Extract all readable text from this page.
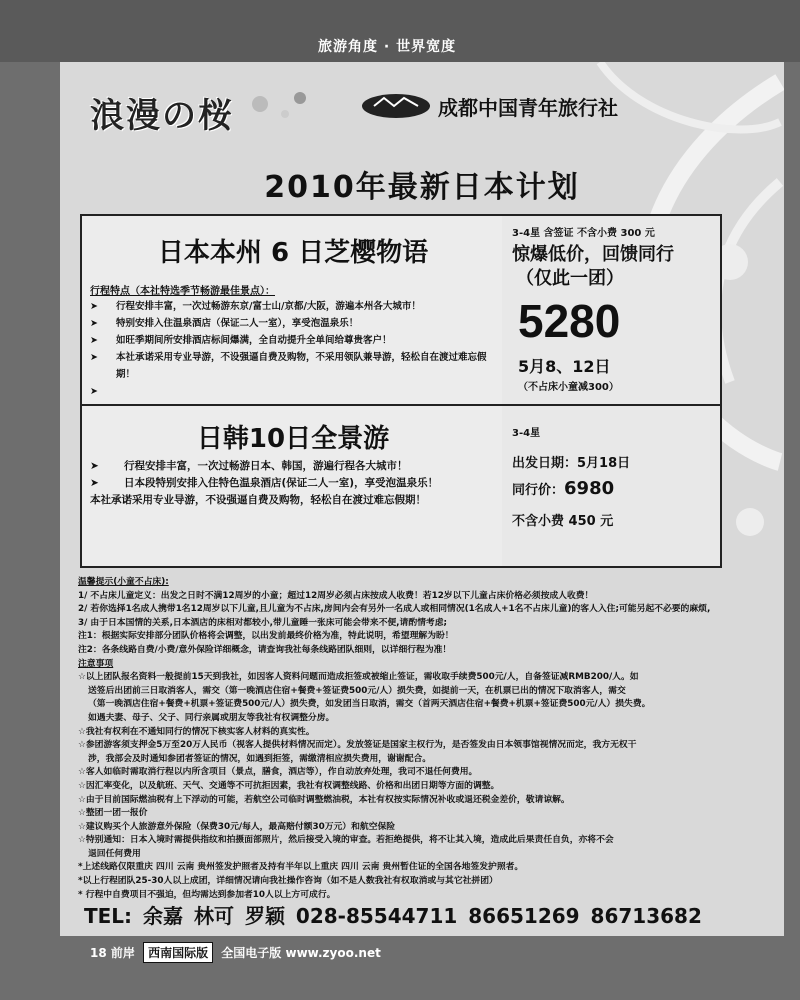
旅游角度 · 世界宽度
浪漫の桜	成都中国青年旅行社
2010年最新日本计划
日本本州 6 日芝樱物语
行程特点（本社特选季节畅游最佳景点）：
➤ 行程安排丰富，一次过畅游东京/富士山/京都/大阪，游遍本州各大城市！
➤ 特别安排入住温泉酒店（保证二人一室），享受泡温泉乐！
➤ 如旺季期间所安排酒店标间爆满，全自动提升全单间给尊贵客户！
➤ 本社承诺采用专业导游，不设强逼自费及购物，不采用领队兼导游，轻松自在渡过难忘假期！
➤
3-4星 含签证 不含小费 300 元
惊爆低价，回馈同行
（仅此一团）
5280
5月8、12日
（不占床小童减300）
日韩10日全景游
➤ 行程安排丰富，一次过畅游日本、韩国，游遍行程各大城市！
➤ 日本段特别安排入住特色温泉酒店(保证二人一室)，享受泡温泉乐！
本社承诺采用专业导游，不设强逼自费及购物，轻松自在渡过难忘假期！
3-4星
出发日期：5月18日
同行价：6980
不含小费 450 元
温馨提示(小童不占床):
1/ 不占床儿童定义：出发之日时不满12周岁的小童；超过12周岁必须占床按成人收费！若12岁以下儿童占床价格必须按成人收费！
2/ 若你选择1名成人携带1名12周岁以下儿童,且儿童为不占床,房间内会有另外一名成人或相同情况(1名成人+1名不占床儿童)的客人入住;可能另起不必要的麻烦,
3/ 由于日本国情的关系,日本酒店的床相对都较小,带儿童睡一张床可能会带来不便,请酌情考虑;
注1：根据实际安排部分团队价格将会调整，以出发前最终价格为准，特此说明，希望理解为盼！
注2：各条线路自费/小费/意外保险详细概念，请查询我社每条线路团队细则，以详细行程为准！
注意事项
☆以上团队报名资料一般提前15天到我社，如因客人资料问题而造成拒签或被缩止签证，需收取手续费500元/人，自备签证减RMB200/人。如
送签后出团前三日取消客人，需交（第一晚酒店住宿+餐费+签证费500元/人）损失费，如提前一天，在机票已出的情况下取消客人，需交
（第一晚酒店住宿+餐费+机票+签证费500元/人）损失费，如发团当日取消，需交（首两天酒店住宿+餐费+机票+签证费500元/人）损失费。
如遇夫妻、母子、父子、同行亲属或朋友等我社有权调整分房。
☆我社有权利在不通知同行的情况下核实客人材料的真实性。
☆参团游客须支押金5万至20万人民币（视客人提供材料情况而定）。发放签证是国家主权行为，是否签发由日本领事馆视情况而定，我方无权干
涉，我部会及时通知参团者签证的情况，如遇到拒签，需缴清相应损失费用，谢谢配合。
☆客人如临时需取消行程以内所含项目（景点，膳食，酒店等），作自动放弃处理，我司不退任何费用。
☆因汇率变化，以及航班、天气、交通等不可抗拒因素，我社有权调整线路、价格和出团日期等方面的调整。
☆由于目前国际燃油税有上下浮动的可能，若航空公司临时调整燃油税，本社有权按实际情况补收或退还税金差价，敬请谅解。
☆整团一团一报价
☆建议购买个人旅游意外保险（保费30元/每人，最高赔付额30万元）和航空保险
☆特别通知：日本入境时需提供指纹和拍摄面部照片，然后接受入境的审查。若拒绝提供，将不让其入境，造成此后果责任自负，亦将不会
退回任何费用
*上述线路仅限重庆 四川 云南 贵州签发护照者及持有半年以上重庆 四川 云南 贵州暂住证的全国各地签发护照者。
*以上行程团队25-30人以上成团，详细情况请向我社操作咨询（如不是人数我社有权取消或与其它社拼团）
* 行程中自费项目不强迫，但均需达到参加者10人以上方可成行。
TEL: 余嘉 林可 罗颖 028-85544711 86651269 86713682
18 前岸 西南国际版 全国电子版 www.zyoo.net
